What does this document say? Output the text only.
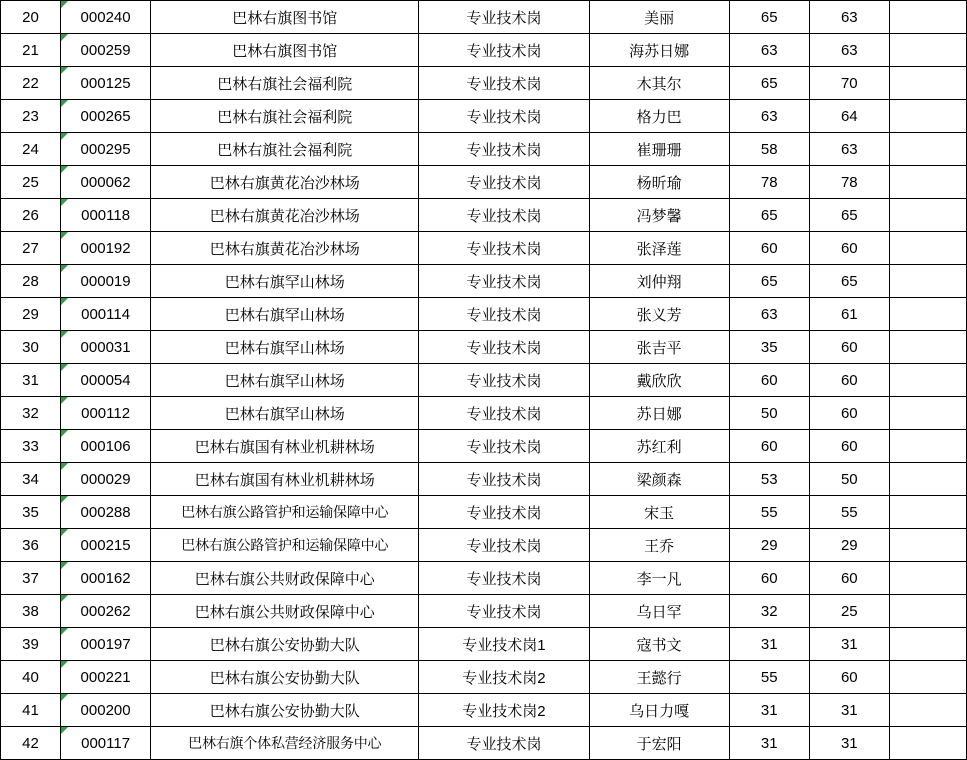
20	000240	巴林右旗图书馆	专业技术岗	美丽	65	63	
21	000259	巴林右旗图书馆	专业技术岗	海苏日娜	63	63	
22	000125	巴林右旗社会福利院	专业技术岗	木其尔	65	70	
23	000265	巴林右旗社会福利院	专业技术岗	格力巴	63	64	
24	000295	巴林右旗社会福利院	专业技术岗	崔珊珊	58	63	
25	000062	巴林右旗黄花冶沙林场	专业技术岗	杨昕瑜	78	78	
26	000118	巴林右旗黄花冶沙林场	专业技术岗	冯梦馨	65	65	
27	000192	巴林右旗黄花冶沙林场	专业技术岗	张泽莲	60	60	
28	000019	巴林右旗罕山林场	专业技术岗	刘仲翔	65	65	
29	000114	巴林右旗罕山林场	专业技术岗	张义芳	63	61	
30	000031	巴林右旗罕山林场	专业技术岗	张吉平	35	60	
31	000054	巴林右旗罕山林场	专业技术岗	戴欣欣	60	60	
32	000112	巴林右旗罕山林场	专业技术岗	苏日娜	50	60	
33	000106	巴林右旗国有林业机耕林场	专业技术岗	苏红利	60	60	
34	000029	巴林右旗国有林业机耕林场	专业技术岗	梁颜森	53	50	
35	000288	巴林右旗公路管护和运输保障中心	专业技术岗	宋玉	55	55	
36	000215	巴林右旗公路管护和运输保障中心	专业技术岗	王乔	29	29	
37	000162	巴林右旗公共财政保障中心	专业技术岗	李一凡	60	60	
38	000262	巴林右旗公共财政保障中心	专业技术岗	乌日罕	32	25	
39	000197	巴林右旗公安协勤大队	专业技术岗1	寇书文	31	31	
40	000221	巴林右旗公安协勤大队	专业技术岗2	王懿行	55	60	
41	000200	巴林右旗公安协勤大队	专业技术岗2	乌日力嘎	31	31	
42	000117	巴林右旗个体私营经济服务中心	专业技术岗	于宏阳	31	31	
